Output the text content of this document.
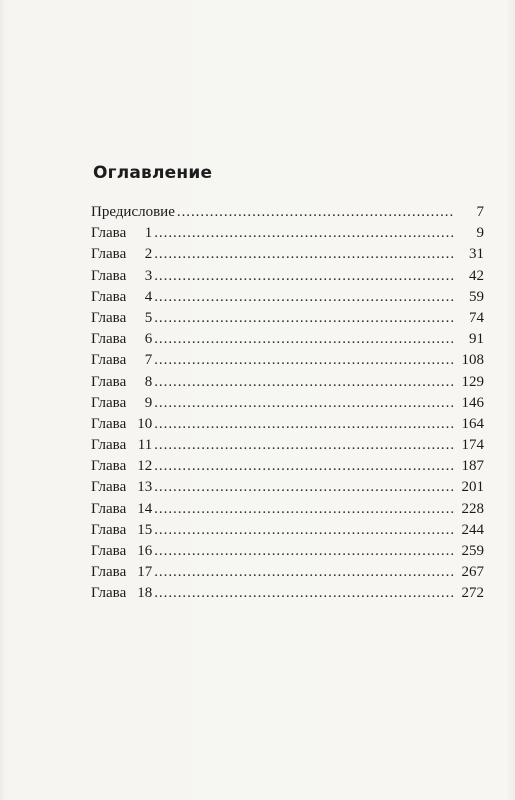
Оглавление
Предисловие . . .	7
Глава	1 . . .	9
Глава	2 . . .	31
Глава	3 . . .	42
Глава	4 . . .	59
Глава	5 . . .	74
Глава	6 . . .	91
Глава	7 . . .	108
Глава	8 . . .	129
Глава	9 . . .	146
Глава 10 . . .	164
Глава 11 . . .	174
Глава 12 . . .	187
Глава 13 . . .	201
Глава 14 . . .	228
Глава 15 . . .	244
Глава 16 . . .	259
Глава 17 . . .	267
Глава 18 . . .	272
